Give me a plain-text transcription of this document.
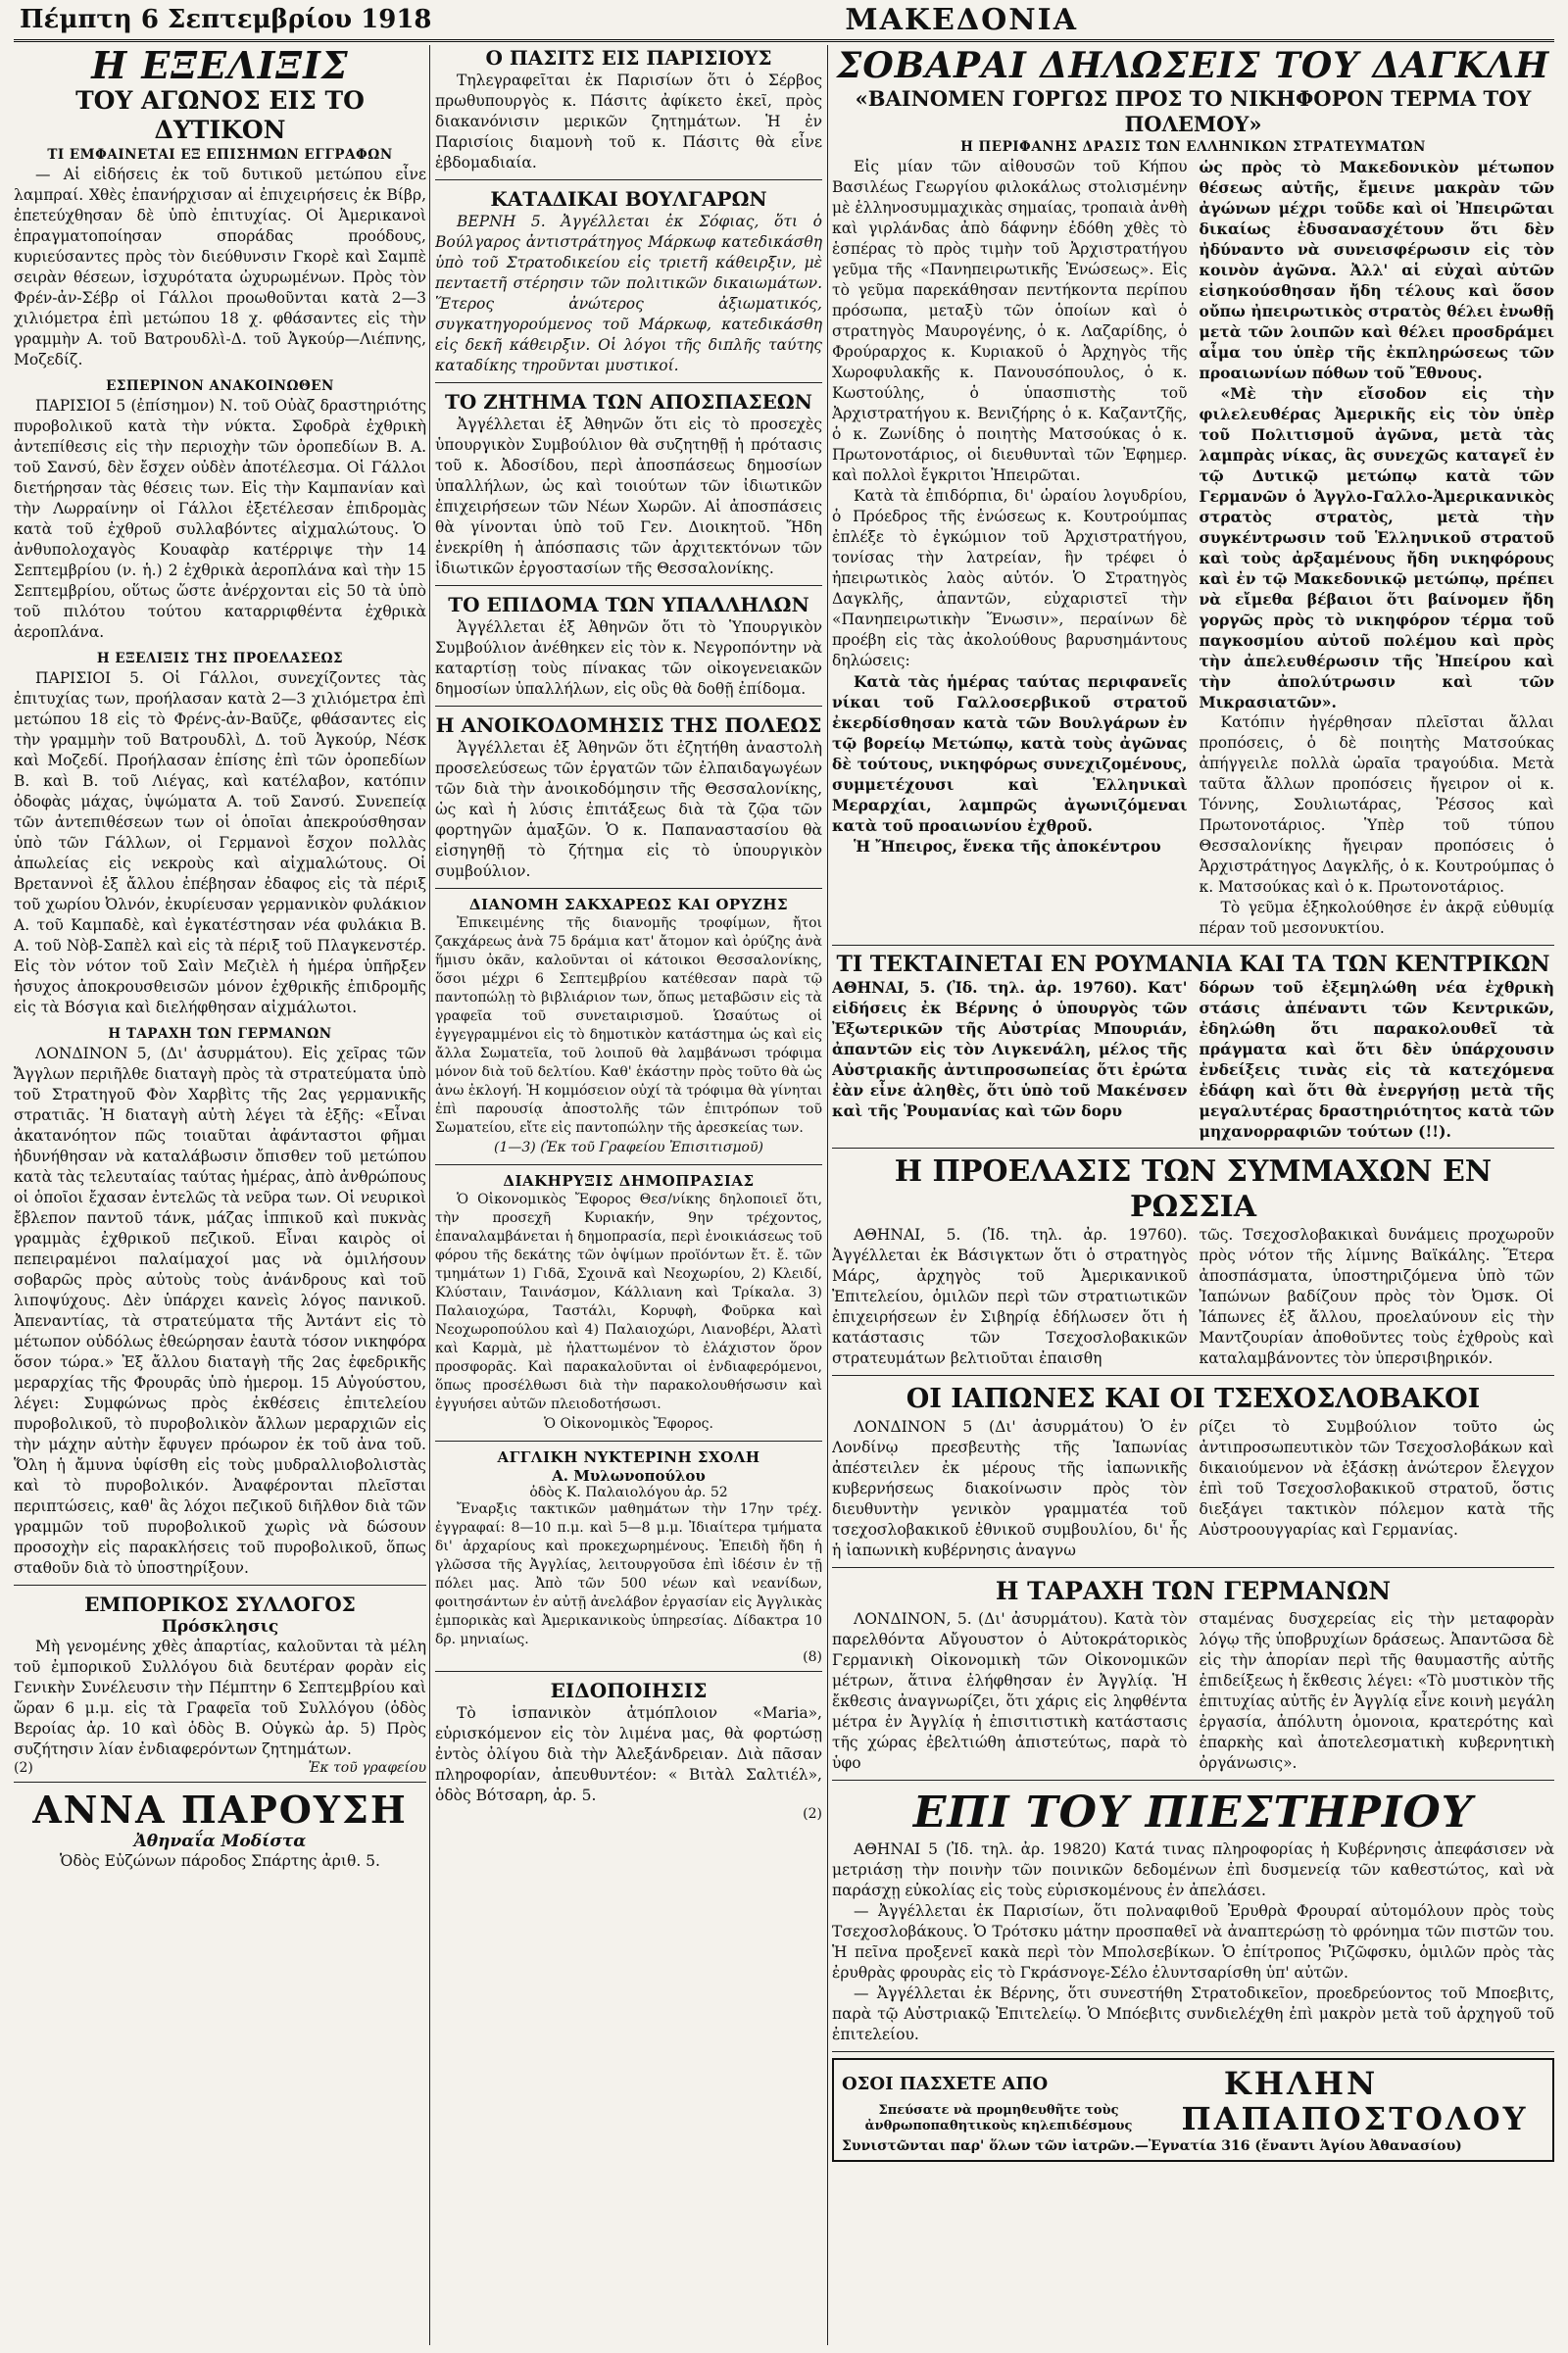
Πέμπτη 6 Σεπτεμβρίου 1918	ΜΑΚΕΔΟΝΙΑ
Η ΕΞΕΛΙΞΙΣ
ΤΟΥ ΑΓΩΝΟΣ ΕΙΣ ΤΟ ΔΥΤΙΚΟΝ
ΤΙ ΕΜΦΑΙΝΕΤΑΙ ΕΞ ΕΠΙΣΗΜΩΝ ΕΓΓΡΑΦΩΝ

— Αἱ εἰδήσεις ἐκ τοῦ δυτικοῦ μετώπου εἶνε λαμπραί. Χθὲς ἐπανήρχισαν αἱ ἐπιχειρήσεις ἐκ Βίβρ, ἐπετεύχθησαν δὲ ὑπὸ ἐπιτυχίας. Οἱ Ἀμερικανοὶ ἐπραγματοποίησαν σποράδας προόδους, κυριεύσαντες πρὸς τὸν διεύθυνσιν Γκορὲ καὶ Σαμπὲ σειρὰν θέσεων, ἰσχυρότατα ὠχυρωμένων. Πρὸς τὸν Φρέν-ἀν-Σέβρ οἱ Γάλλοι προωθοῦνται κατὰ 2—3 χιλιόμετρα ἐπὶ μετώπου 18 χ. φθάσαντες εἰς τὴν γραμμὴν Α. τοῦ Βατρουδλὶ-Δ. τοῦ Ἀγκούρ—Λιέπνης, Μοζεδίζ.

ΕΣΠΕΡΙΝΟΝ ΑΝΑΚΟΙΝΩΘΕΝ

ΠΑΡΙΣΙΟΙ 5 (ἐπίσημον) Ν. τοῦ Οὐὰζ δραστηριότης πυροβολικοῦ κατὰ τὴν νύκτα. Σφοδρὰ ἐχθρικὴ ἀντεπίθεσις εἰς τὴν περιοχὴν τῶν ὀροπεδίων Β. Α. τοῦ Σανσύ, δὲν ἔσχεν οὐδὲν ἀποτέλεσμα. Οἱ Γάλλοι διετήρησαν τὰς θέσεις των. Εἰς τὴν Καμπανίαν καὶ τὴν Λωρραίνην οἱ Γάλλοι ἐξετέλεσαν ἐπιδρομὰς κατὰ τοῦ ἐχθροῦ συλλαβόντες αἰχμαλώτους. Ὁ ἀνθυπολοχαγὸς Κουαφὰρ κατέρριψε τὴν 14 Σεπτεμβρίου (ν. ἡ.) 2 ἐχθρικὰ ἀεροπλάνα καὶ τὴν 15 Σεπτεμβρίου, οὕτως ὥστε ἀνέρχονται εἰς 50 τὰ ὑπὸ τοῦ πιλότου τούτου καταρριφθέντα ἐχθρικὰ ἀεροπλάνα.

Η ΕΞΕΛΙΞΙΣ ΤΗΣ ΠΡΟΕΛΑΣΕΩΣ

ΠΑΡΙΣΙΟΙ 5. Οἱ Γάλλοι, συνεχίζοντες τὰς ἐπιτυχίας των, προήλασαν κατὰ 2—3 χιλιόμετρα ἐπὶ μετώπου 18 εἰς τὸ Φρένς-ἀν-Βαῦζε, φθάσαντες εἰς τὴν γραμμὴν τοῦ Βατρουδλὶ, Δ. τοῦ Ἀγκούρ, Νέσκ καὶ Μοζεδί. Προήλασαν ἐπίσης ἐπὶ τῶν ὀροπεδίων Β. καὶ Β. τοῦ Λιέγας, καὶ κατέλαβον, κατόπιν ὀδοφὰς μάχας, ὑψώματα Α. τοῦ Σανσύ. Συνεπείᾳ τῶν ἀντεπιθέσεων των οἱ ὁποῖαι ἀπεκρούσθησαν ὑπὸ τῶν Γάλλων, οἱ Γερμανοὶ ἔσχον πολλὰς ἀπωλείας εἰς νεκροὺς καὶ αἰχμαλώτους. Οἱ Βρεταννοὶ ἐξ ἄλλου ἐπέβησαν ἐδαφος εἰς τὰ πέριξ τοῦ χωρίου Ὀλνόν, ἐκυρίευσαν γερμανικὸν φυλάκιον Α. τοῦ Καμπαδὲ, καὶ ἐγκατέστησαν νέα φυλάκια Β. Α. τοῦ Νὸβ-Σαπὲλ καὶ εἰς τὰ πέριξ τοῦ Πλαγκενστέρ. Εἰς τὸν νότον τοῦ Σαὶν Μεζιὲλ ἡ ἡμέρα ὑπῆρξεν ἡσυχος ἀποκρουσθεισῶν μόνον ἐχθρικῆς ἐπιδρομῆς εἰς τὰ Βόσγια καὶ διελήφθησαν αἰχμάλωτοι.

Η ΤΑΡΑΧΗ ΤΩΝ ΓΕΡΜΑΝΩΝ

ΛΟΝΔΙΝΟΝ 5, (Δι' ἀσυρμάτου). Εἰς χεῖρας τῶν Ἄγγλων περιῆλθε διαταγὴ πρὸς τὰ στρατεύματα ὑπὸ τοῦ Στρατηγοῦ Φὸν Χαρβὶτς τῆς 2ας γερμανικῆς στρατιᾶς. Ἡ διαταγὴ αὐτὴ λέγει τὰ ἑξῆς: «Εἶναι ἀκατανόητον πῶς τοιαῦται ἀφάνταστοι φῆμαι ἠδυνήθησαν νὰ καταλάβωσιν ὄπισθεν τοῦ μετώπου κατὰ τὰς τελευταίας ταύτας ἡμέρας, ἀπὸ ἀνθρώπους οἱ ὁποῖοι ἔχασαν ἐντελῶς τὰ νεῦρα των. Οἱ νευρικοὶ ἔβλεπον παντοῦ τάνκ, μάζας ἱππικοῦ καὶ πυκνὰς γραμμὰς ἐχθρικοῦ πεζικοῦ. Εἶναι καιρὸς οἱ πεπειραμένοι παλαίμαχοί μας νὰ ὁμιλήσουν σοβαρῶς πρὸς αὐτοὺς τοὺς ἀνάνδρους καὶ τοῦ λιποψύχους. Δὲν ὑπάρχει κανεὶς λόγος πανικοῦ. Ἀπεναντίας, τὰ στρατεύματα τῆς Ἀντάντ εἰς τὸ μέτωπον οὐδόλως ἐθεώρησαν ἑαυτὰ τόσον νικηφόρα ὅσον τώρα.» Ἐξ ἄλλου διαταγὴ τῆς 2ας ἐφεδρικῆς μεραρχίας τῆς Φρουρᾶς ὑπὸ ἡμερομ. 15 Αὐγούστου, λέγει: Συμφώνως πρὸς ἐκθέσεις ἐπιτελείου πυροβολικοῦ, τὸ πυροβολικὸν ἄλλων μεραρχιῶν εἰς τὴν μάχην αὐτὴν ἔφυγεν πρόωρον ἐκ τοῦ ἀνα τοῦ. Ὅλη ἡ ἄμυνα ὑφίσθη εἰς τοὺς μυδραλλιοβολιστὰς καὶ τὸ πυροβολικόν. Ἀναφέρονται πλεῖσται περιπτώσεις, καθ' ἃς λόχοι πεζικοῦ διῆλθον διὰ τῶν γραμμῶν τοῦ πυροβολικοῦ χωρὶς νὰ δώσουν προσοχὴν εἰς παρακλήσεις τοῦ πυροβολικοῦ, ὅπως σταθοῦν διὰ τὸ ὑποστηρίξουν.

ΕΜΠΟΡΙΚΟΣ ΣΥΛΛΟΓΟΣ
Πρόσκλησις

Μὴ γενομένης χθὲς ἀπαρτίας, καλοῦνται τὰ μέλη τοῦ ἐμπορικοῦ Συλλόγου διὰ δευτέραν φορὰν εἰς Γενικὴν Συνέλευσιν τὴν Πέμπτην 6 Σεπτεμβρίου καὶ ὥραν 6 μ.μ. εἰς τὰ Γραφεῖα τοῦ Συλλόγου (ὁδὸς Βεροίας ἀρ. 10 καὶ ὁδὸς Β. Οὐγκὼ ἀρ. 5) Πρὸς συζήτησιν λίαν ἐνδιαφερόντων ζητημάτων.

(2)	Ἐκ τοῦ γραφείου
ΑΝΝΑ ΠΑΡΟΥΣΗ
Ἀθηναΐα Μοδίστα

Ὁδὸς Εὐζώνων πάροδος Σπάρτης ἀριθ. 5.

Ο ΠΑΣΙΤΣ ΕΙΣ ΠΑΡΙΣΙΟΥΣ

Τηλεγραφεῖται ἐκ Παρισίων ὅτι ὁ Σέρβος πρωθυπουργὸς κ. Πάσιτς ἀφίκετο ἐκεῖ, πρὸς διακανόνισιν μερικῶν ζητημάτων. Ἡ ἐν Παρισίοις διαμονὴ τοῦ κ. Πάσιτς θὰ εἶνε ἑβδομαδιαία.

ΚΑΤΑΔΙΚΑΙ ΒΟΥΛΓΑΡΩΝ

ΒΕΡΝΗ 5. Ἀγγέλλεται ἐκ Σόφιας, ὅτι ὁ Βούλγαρος ἀντιστράτηγος Μάρκωφ κατεδικάσθη ὑπὸ τοῦ Στρατοδικείου εἰς τριετῆ κάθειρξιν, μὲ πενταετῆ στέρησιν τῶν πολιτικῶν δικαιωμάτων. Ἕτερος ἀνώτερος ἀξιωματικός, συγκατηγορούμενος τοῦ Μάρκωφ, κατεδικάσθη εἰς δεκῆ κάθειρξιν. Οἱ λόγοι τῆς διπλῆς ταύτης καταδίκης τηροῦνται μυστικοί.

ΤΟ ΖΗΤΗΜΑ ΤΩΝ ΑΠΟΣΠΑΣΕΩΝ

Ἀγγέλλεται ἐξ Ἀθηνῶν ὅτι εἰς τὸ προσεχὲς ὑπουργικὸν Συμβούλιον θὰ συζητηθῇ ἡ πρότασις τοῦ κ. Ἀδοσίδου, περὶ ἀποσπάσεως δημοσίων ὑπαλλήλων, ὡς καὶ τοιούτων τῶν ἰδιωτικῶν ἐπιχειρήσεων τῶν Νέων Χωρῶν. Αἱ ἀποσπάσεις θὰ γίνονται ὑπὸ τοῦ Γεν. Διοικητοῦ. Ἤδη ἐνεκρίθη ἡ ἀπόσπασις τῶν ἀρχιτεκτόνων τῶν ἰδιωτικῶν ἐργοστασίων τῆς Θεσσαλονίκης.

ΤΟ ΕΠΙΔΟΜΑ ΤΩΝ ΥΠΑΛΛΗΛΩΝ

Ἀγγέλλεται ἐξ Ἀθηνῶν ὅτι τὸ Ὑπουργικὸν Συμβούλιον ἀνέθηκεν εἰς τὸν κ. Νεγροπόντην νὰ καταρτίσῃ τοὺς πίνακας τῶν οἰκογενειακῶν δημοσίων ὑπαλλήλων, εἰς οὓς θὰ δοθῇ ἐπίδομα.

Η ΑΝΟΙΚΟΔΟΜΗΣΙΣ ΤΗΣ ΠΟΛΕΩΣ

Ἀγγέλλεται ἐξ Ἀθηνῶν ὅτι ἐζητήθη ἀναστολὴ προσελεύσεως τῶν ἐργατῶν τῶν ἐλπαιδαγωγέων τῶν διὰ τὴν ἀνοικοδόμησιν τῆς Θεσσαλονίκης, ὡς καὶ ἡ λύσις ἐπιτάξεως διὰ τὰ ζῷα τῶν φορτηγῶν ἁμαξῶν. Ὁ κ. Παπαναστασίου θὰ εἰσηγηθῇ τὸ ζήτημα εἰς τὸ ὑπουργικὸν συμβούλιον.

ΔΙΑΝΟΜΗ ΣΑΚΧΑΡΕΩΣ ΚΑΙ ΟΡΥΖΗΣ

Ἐπικειμένης τῆς διανομῆς τροφίμων, ἤτοι ζακχάρεως ἀνὰ 75 δράμια κατ' ἄτομον καὶ ὀρύζης ἀνὰ ἥμισυ ὀκᾶν, καλοῦνται οἱ κάτοικοι Θεσσαλονίκης, ὅσοι μέχρι 6 Σεπτεμβρίου κατέθεσαν παρὰ τῷ παντοπώλῃ τὸ βιβλιάριον των, ὅπως μεταβῶσιν εἰς τὰ γραφεῖα τοῦ συνεταιρισμοῦ. Ὡσαύτως οἱ ἐγγεγραμμένοι εἰς τὸ δημοτικὸν κατάστημα ὡς καὶ εἰς ἄλλα Σωματεῖα, τοῦ λοιποῦ θὰ λαμβάνωσι τρόφιμα μόνον διὰ τοῦ δελτίου. Καθ' ἑκάστην πρὸς τοῦτο θὰ ὡς ἀνω ἐκλογή. Ἡ κομμόσειον οὐχί τὰ τρόφιμα θὰ γίνηται ἐπὶ παρουσίᾳ ἀποστολῆς τῶν ἐπιτρόπων τοῦ Σωματείου, εἴτε εἰς παντοπώλην τῆς ἀρεσκείας των.

(1—3) (Ἐκ τοῦ Γραφείου Ἐπισιτισμοῦ)

ΔΙΑΚΗΡΥΞΙΣ ΔΗΜΟΠΡΑΣΙΑΣ

Ὁ Οἰκονομικὸς Ἔφορος Θεσ/νίκης δηλοποιεῖ ὅτι, τὴν προσεχῆ Κυριακήν, 9ην τρέχοντος, ἐπαναλαμβάνεται ἡ δημοπρασία, περὶ ἐνοικιάσεως τοῦ φόρου τῆς δεκάτης τῶν ὀψίμων προϊόντων ἔτ. ἔ. τῶν τμημάτων 1) Γιδᾶ, Σχοινᾶ καὶ Νεοχωρίου, 2) Κλειδί, Κλύσταιν, Ταινάσμον, Κάλλιανη καὶ Τρίκαλα. 3) Παλαιοχώρα, Ταστάλι, Κορυφὴ, Φοῦρκα καὶ Νεοχωροπούλου καὶ 4) Παλαιοχώρι, Λιανοβέρι, Ἀλατὶ καὶ Καρμὰ, μὲ ἠλαττωμένον τὸ ἐλάχιστον ὅρον προσφορᾶς. Καὶ παρακαλοῦνται οἱ ἐνδιαφερόμενοι, ὅπως προσέλθωσι διὰ τὴν παρακολουθήσωσιν καὶ ἐγγυήσει αὐτῶν πλειοδοτήσωσι.

Ὁ Οἰκονομικὸς Ἔφορος.

ΑΓΓΛΙΚΗ ΝΥΚΤΕΡΙΝΗ ΣΧΟΛΗ
Α. Μυλωνοπούλου
ὁδὸς Κ. Παλαιολόγου ἀρ. 52

Ἔναρξις τακτικῶν μαθημάτων τὴν 17ην τρέχ. ἐγγραφαί: 8—10 π.μ. καὶ 5—8 μ.μ. Ἰδιαίτερα τμήματα δι' ἀρχαρίους καὶ προκεχωρημένους. Ἐπειδὴ ἤδη ἡ γλῶσσα τῆς Ἀγγλίας, λειτουργοῦσα ἐπὶ ἰδέσιν ἐν τῇ πόλει μας. Ἀπὸ τῶν 500 νέων καὶ νεανίδων, φοιτησάντων ἐν αὐτῇ ἀνελάβον ἐργασίαν εἰς Ἀγγλικὰς ἐμπορικὰς καὶ Ἀμερικανικοὺς ὑπηρεσίας. Δίδακτρα 10 δρ. μηνιαίως.

(8)
ΕΙΔΟΠΟΙΗΣΙΣ

Τὸ ἰσπανικὸν ἀτμόπλοιον «Maria», εὑρισκόμενον εἰς τὸν λιμένα μας, θὰ φορτώσῃ ἐντὸς ὀλίγου διὰ τὴν Ἀλεξάνδρειαν. Διὰ πᾶσαν πληροφορίαν, ἀπευθυντέον: « Βιτὰλ Σαλτιέλ», ὁδὸς Βότσαρη, ἀρ. 5.

(2)
ΣΟΒΑΡΑΙ ΔΗΛΩΣΕΙΣ ΤΟΥ ΔΑΓΚΛΗ
«ΒΑΙΝΟΜΕΝ ΓΟΡΓΩΣ ΠΡΟΣ ΤΟ ΝΙΚΗΦΟΡΟΝ ΤΕΡΜΑ ΤΟΥ ΠΟΛΕΜΟΥ»
Η ΠΕΡΙΦΑΝΗΣ ΔΡΑΣΙΣ ΤΩΝ ΕΛΛΗΝΙΚΩΝ ΣΤΡΑΤΕΥΜΑΤΩΝ

Εἰς μίαν τῶν αἰθουσῶν τοῦ Κήπου Βασιλέως Γεωργίου φιλοκάλως στολισμένην μὲ ἑλληνοσυμμαχικὰς σημαίας, τροπαιὰ ἀνθὴ καὶ γιρλάνδας ἀπὸ δάφνην ἐδόθη χθὲς τὸ ἑσπέρας τὸ πρὸς τιμὴν τοῦ Ἀρχιστρατήγου γεῦμα τῆς «Πανηπειρωτικῆς Ἑνώσεως». Εἰς τὸ γεῦμα παρεκάθησαν πεντήκοντα περίπου πρόσωπα, μεταξὺ τῶν ὁποίων καὶ ὁ στρατηγὸς Μαυρογένης, ὁ κ. Λαζαρίδης, ὁ Φρούραρχος κ. Κυριακοῦ ὁ Ἀρχηγὸς τῆς Χωροφυλακῆς κ. Πανουσόπουλος, ὁ κ. Κωστούλης, ὁ ὑπασπιστὴς τοῦ Ἀρχιστρατήγου κ. Βενιζήρης ὁ κ. Καζαντζῆς, ὁ κ. Ζωνίδης ὁ ποιητὴς Ματσούκας ὁ κ. Πρωτονοτάριος, οἱ διευθυνταὶ τῶν Ἐφημερ. καὶ πολλοὶ ἔγκριτοι Ἠπειρῶται.

Κατὰ τὰ ἐπιδόρπια, δι' ὡραίου λογυδρίου, ὁ Πρόεδρος τῆς ἑνώσεως κ. Κουτρούμπας ἐπλέξε τὸ ἐγκώμιον τοῦ Ἀρχιστρατήγου, τονίσας τὴν λατρείαν, ἣν τρέφει ὁ ἠπειρωτικὸς λαὸς αὐτόν. Ὁ Στρατηγὸς Δαγκλῆς, ἀπαντῶν, εὐχαριστεῖ τὴν «Πανηπειρωτικὴν Ἕνωσιν», περαίνων δὲ προέβη εἰς τὰς ἀκολούθους βαρυσημάντους δηλώσεις:

Κατὰ τὰς ἡμέρας ταύτας περιφανεῖς νίκαι τοῦ Γαλλοσερβικοῦ στρατοῦ ἐκερδίσθησαν κατὰ τῶν Βουλγάρων ἐν τῷ βορείῳ Μετώπῳ, κατὰ τοὺς ἀγῶνας δὲ τούτους, νικηφόρως συνεχιζομένους, συμμετέχουσι καὶ Ἑλληνικαὶ Μεραρχίαι, λαμπρῶς ἀγωνιζόμεναι κατὰ τοῦ προαιωνίου ἐχθροῦ.

Ἡ Ἤπειρος, ἕνεκα τῆς ἀποκέντρου

ὡς πρὸς τὸ Μακεδονικὸν μέτωπον θέσεως αὐτῆς, ἔμεινε μακρὰν τῶν ἀγώνων μέχρι τοῦδε καὶ οἱ Ἠπειρῶται δικαίως ἐδυσανασχέτουν ὅτι δὲν ἠδύναντο νὰ συνεισφέρωσιν εἰς τὸν κοινὸν ἀγῶνα. Ἀλλ' αἱ εὐχαὶ αὐτῶν εἰσηκούσθησαν ἤδη τέλους καὶ ὅσον οὔπω ἠπειρωτικὸς στρατὸς θέλει ἐνωθῇ μετὰ τῶν λοιπῶν καὶ θέλει προσδράμει αἷμα του ὑπὲρ τῆς ἐκπληρώσεως τῶν προαιωνίων πόθων τοῦ Ἔθνους.

«Μὲ τὴν εἴσοδον εἰς τὴν φιλελευθέρας Ἀμερικῆς εἰς τὸν ὑπὲρ τοῦ Πολιτισμοῦ ἀγῶνα, μετὰ τὰς λαμπρὰς νίκας, ἃς συνεχῶς καταγεῖ ἐν τῷ Δυτικῷ μετώπῳ κατὰ τῶν Γερμανῶν ὁ Ἀγγλο-Γαλλο-Ἀμερικανικὸς στρατὸς στρατὸς, μετὰ τὴν συγκέντρωσιν τοῦ Ἑλληνικοῦ στρατοῦ καὶ τοὺς ἀρξαμένους ἤδη νικηφόρους καὶ ἐν τῷ Μακεδονικῷ μετώπῳ, πρέπει νὰ εἴμεθα βέβαιοι ὅτι βαίνομεν ἤδη γοργῶς πρὸς τὸ νικηφόρον τέρμα τοῦ παγκοσμίου αὐτοῦ πολέμου καὶ πρὸς τὴν ἀπελευθέρωσιν τῆς Ἠπείρου καὶ τὴν ἀπολύτρωσιν καὶ τῶν Μικρασιατῶν».

Κατόπιν ἠγέρθησαν πλεῖσται ἄλλαι προπόσεις, ὁ δὲ ποιητὴς Ματσούκας ἀπήγγειλε πολλὰ ὡραῖα τραγούδια. Μετὰ ταῦτα ἄλλων προπόσεις ἤγειρον οἱ κ. Τόννης, Σουλιωτάρας, Ῥέσσος καὶ Πρωτονοτάριος. Ὑπὲρ τοῦ τύπου Θεσσαλονίκης ἤγειραν προπόσεις ὁ Ἀρχιστράτηγος Δαγκλῆς, ὁ κ. Κουτρούμπας ὁ κ. Ματσούκας καὶ ὁ κ. Πρωτονοτάριος.

Τὸ γεῦμα ἐξηκολούθησε ἐν ἀκρᾷ εὐθυμίᾳ πέραν τοῦ μεσονυκτίου.

ΤΙ ΤΕΚΤΑΙΝΕΤΑΙ ΕΝ ΡΟΥΜΑΝΙΑ ΚΑΙ ΤΑ ΤΩΝ ΚΕΝΤΡΙΚΩΝ

ΑΘΗΝΑΙ, 5. (Ἰδ. τηλ. ἀρ. 19760). Κατ' εἰδήσεις ἐκ Βέρνης ὁ ὑπουργὸς τῶν Ἐξωτερικῶν τῆς Αὐστρίας Μπουριάν, ἀπαντῶν εἰς τὸν Λιγκενάλη, μέλος τῆς Αὐστριακῆς ἀντιπροσωπείας ὅτι ἐρώτα ἐὰν εἶνε ἀληθὲς, ὅτι ὑπὸ τοῦ Μακένσεν καὶ τῆς Ῥουμανίας καὶ τῶν δορυ

δόρων τοῦ ἐξεμηλώθη νέα ἐχθρικὴ στάσις ἀπέναντι τῶν Κεντρικῶν, ἐδηλώθη ὅτι παρακολουθεῖ τὰ πράγματα καὶ ὅτι δὲν ὑπάρχουσιν ἐνδείξεις τινὰς εἰς τὰ κατεχόμενα ἐδάφη καὶ ὅτι θὰ ἐνεργήσῃ μετὰ τῆς μεγαλυτέρας δραστηριότητος κατὰ τῶν μηχανορραφιῶν τούτων (!!).

Η ΠΡΟΕΛΑΣΙΣ ΤΩΝ ΣΥΜΜΑΧΩΝ ΕΝ ΡΩΣΣΙΑ

ΑΘΗΝΑΙ, 5. (Ἰδ. τηλ. ἀρ. 19760). Ἀγγέλλεται ἐκ Βάσιγκτων ὅτι ὁ στρατηγὸς Μάρς, ἀρχηγὸς τοῦ Ἀμερικανικοῦ Ἐπιτελείου, ὁμιλῶν περὶ τῶν στρατιωτικῶν ἐπιχειρήσεων ἐν Σιβηρίᾳ ἐδήλωσεν ὅτι ἡ κατάστασις τῶν Τσεχοσλοβακικῶν στρατευμάτων βελτιοῦται ἐπαισθη

τῶς. Τσεχοσλοβακικαὶ δυνάμεις προχωροῦν πρὸς νότον τῆς λίμνης Βαϊκάλης. Ἕτερα ἀποσπάσματα, ὑποστηριζόμενα ὑπὸ τῶν Ἰαπώνων βαδίζουν πρὸς τὸν Ὀμσκ. Οἱ Ἰάπωνες ἐξ ἄλλου, προελαύνουν εἰς τὴν Μαντζουρίαν ἀποθοῦντες τοὺς ἐχθροὺς καὶ καταλαμβάνοντες τὸν ὑπερσιβηρικόν.

ΟΙ ΙΑΠΩΝΕΣ ΚΑΙ ΟΙ ΤΣΕΧΟΣΛΟΒΑΚΟΙ

ΛΟΝΔΙΝΟΝ 5 (Δι' ἀσυρμάτου) Ὁ ἐν Λονδίνῳ πρεσβευτὴς τῆς Ἰαπωνίας ἀπέστειλεν ἐκ μέρους τῆς ἰαπωνικῆς κυβερνήσεως διακοίνωσιν πρὸς τὸν διευθυντὴν γενικὸν γραμματέα τοῦ τσεχοσλοβακικοῦ ἐθνικοῦ συμβουλίου, δι' ἧς ἡ ἰαπωνικὴ κυβέρνησις ἀναγνω

ρίζει τὸ Συμβούλιον τοῦτο ὡς ἀντιπροσωπευτικὸν τῶν Τσεχοσλοβάκων καὶ δικαιούμενον νὰ ἐξάσκῃ ἀνώτερον ἔλεγχον ἐπὶ τοῦ Τσεχοσλοβακικοῦ στρατοῦ, ὅστις διεξάγει τακτικὸν πόλεμον κατὰ τῆς Αὐστροουγγαρίας καὶ Γερμανίας.

Η ΤΑΡΑΧΗ ΤΩΝ ΓΕΡΜΑΝΩΝ

ΛΟΝΔΙΝΟΝ, 5. (Δι' ἀσυρμάτου). Κατὰ τὸν παρελθόντα Αὔγουστον ὁ Αὐτοκράτορικὸς Γερμανικὴ Οἰκονομικὴ τῶν Οἰκονομικῶν μέτρων, ἅτινα ἐλήφθησαν ἐν Ἀγγλίᾳ. Ἡ ἔκθεσις ἀναγνωρίζει, ὅτι χάρις εἰς ληφθέντα μέτρα ἐν Ἀγγλίᾳ ἡ ἐπισιτιστικὴ κατάστασις τῆς χώρας ἐβελτιώθη ἀπιστεύτως, παρὰ τὸ ὑφο

σταμένας δυσχερείας εἰς τὴν μεταφορὰν λόγῳ τῆς ὑποβρυχίων δράσεως. Ἀπαντῶσα δὲ εἰς τὴν ἀπορίαν περὶ τῆς θαυμαστῆς αὐτῆς ἐπιδείξεως ἡ ἔκθεσις λέγει: «Τὸ μυστικὸν τῆς ἐπιτυχίας αὐτῆς ἐν Ἀγγλίᾳ εἶνε κοινὴ μεγάλη ἐργασία, ἀπόλυτη ὁμονοια, κρατερότης καὶ ἐπαρκὴς καὶ ἀποτελεσματικὴ κυβερνητικὴ ὀργάνωσις».

ΕΠΙ ΤΟΥ ΠΙΕΣΤΗΡΙΟΥ

ΑΘΗΝΑΙ 5 (Ἰδ. τηλ. ἀρ. 19820) Κατά τινας πληροφορίας ἡ Κυβέρνησις ἀπεφάσισεν νὰ μετριάσῃ τὴν ποινὴν τῶν ποινικῶν δεδομένων ἐπὶ δυσμενείᾳ τῶν καθεστώτος, καὶ νὰ παράσχῃ εὐκολίας εἰς τοὺς εὑρισκομένους ἐν ἀπελάσει.

— Ἀγγέλλεται ἐκ Παρισίων, ὅτι πολναφιθοῦ Ἐρυθρὰ Φρουραί αὐτομόλουν πρὸς τοὺς Τσεχοσλοβάκους. Ὁ Τρότσκυ μάτην προσπαθεῖ νὰ ἀναπτερώσῃ τὸ φρόνημα τῶν πιστῶν του. Ἡ πεῖνα προξενεῖ κακὰ περὶ τὸν Μπολσεβίκων. Ὁ ἐπίτροπος Ῥιζῶφσκυ, ὁμιλῶν πρὸς τὰς ἐρυθρὰς φρουρὰς εἰς τὸ Γκράσνογε-Σέλο ἐλυντσαρίσθη ὑπ' αὐτῶν.

— Ἀγγέλλεται ἐκ Βέρνης, ὅτι συνεστήθη Στρατοδικεῖον, προεδρεύοντος τοῦ Μποεβιτς, παρὰ τῷ Αὐστριακῷ Ἐπιτελείῳ. Ὁ Μπόεβιτς συνδιελέχθη ἐπὶ μακρὸν μετὰ τοῦ ἀρχηγοῦ τοῦ ἐπιτελείου.

ΟΣΟΙ ΠΑΣΧΕΤΕ ΑΠΟ	ΚΗΛΗΝ
Σπεύσατε νὰ προμηθευθῆτε τοὺς ἀνθρωποπαθητικοὺς κηλεπιδέσμους	ΠΑΠΑΠΟΣΤΟΛΟΥ
Συνιστῶνται παρ' ὅλων τῶν ἰατρῶν.—Ἐγνατία 316 (ἔναντι Ἁγίου Ἀθανασίου)
